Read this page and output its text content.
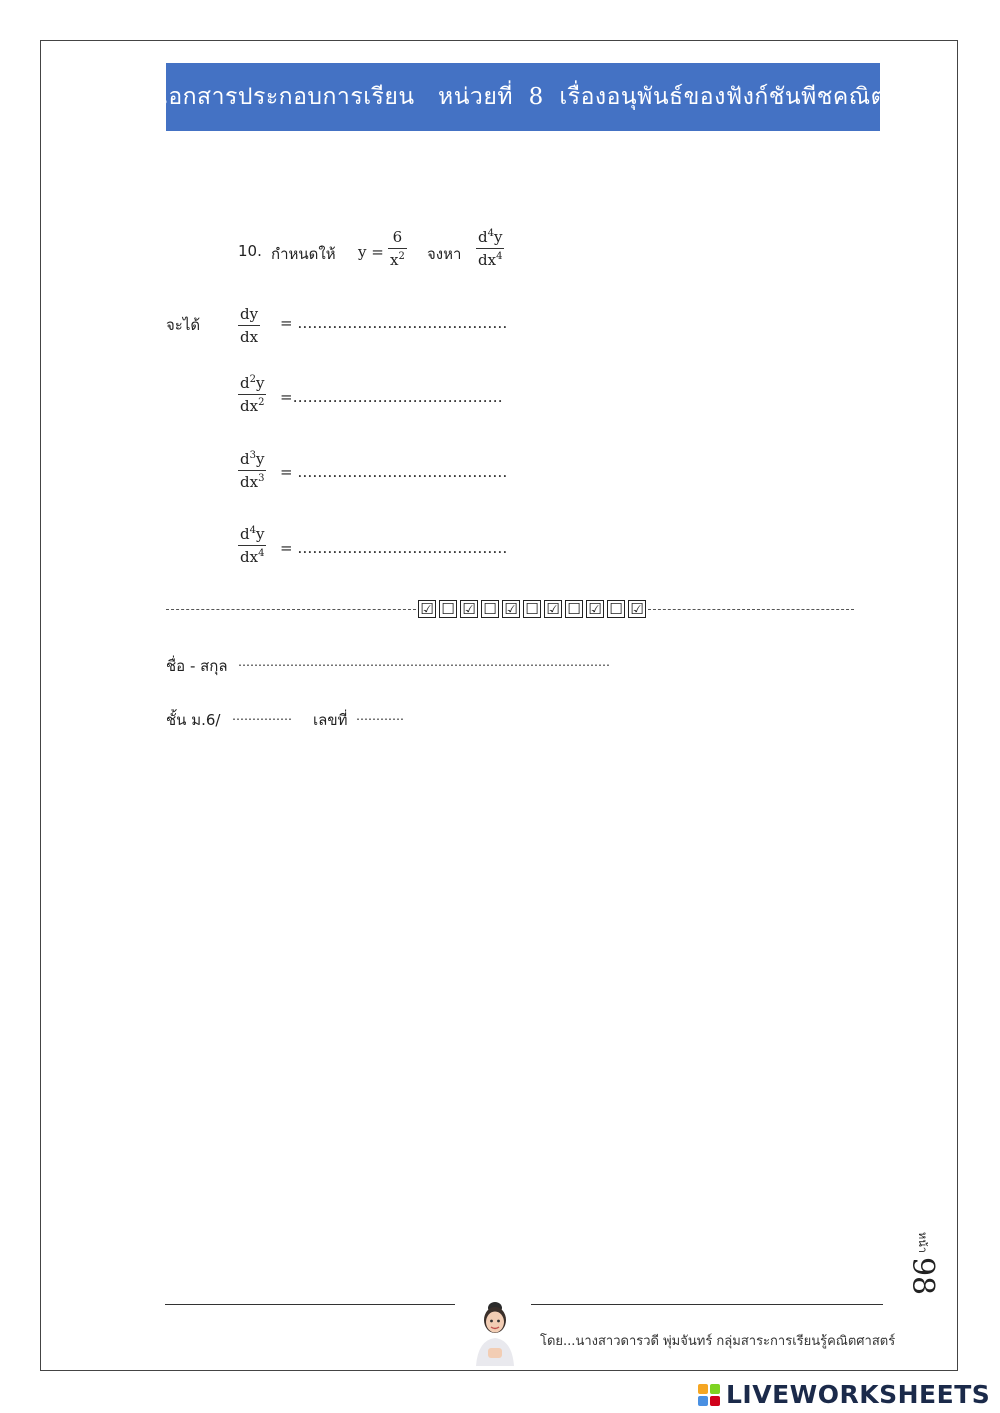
เอกสารประกอบการเรียน   หน่วยที่  8  เรื่องอนุพันธ์ของฟังก์ชันพีชคณิต
10. กำหนดให้ y =
6
$x^2$ จงหา
$d^4y$
$dx^4$
จะได้
dy
dx
= ……………………………………
$d^2y$
$dx^2$ =……………………………………
$d^3y$
$dx^3$ = ……………………………………
$d^4y$
$dx^4$ = ……………………………………
☑ ☐ ☑ ☐ ☑ ☐ ☑ ☐ ☑ ☐ ☑
ชื่อ - สกุล …………………………………………………………………………………
ชั้น ม.6/ …………… เลขที่ …………
หน้า
98
โดย...นางสาวดารวดี พุ่มจันทร์ กลุ่มสาระการเรียนรู้คณิตศาสตร์
LIVEWORKSHEETS
